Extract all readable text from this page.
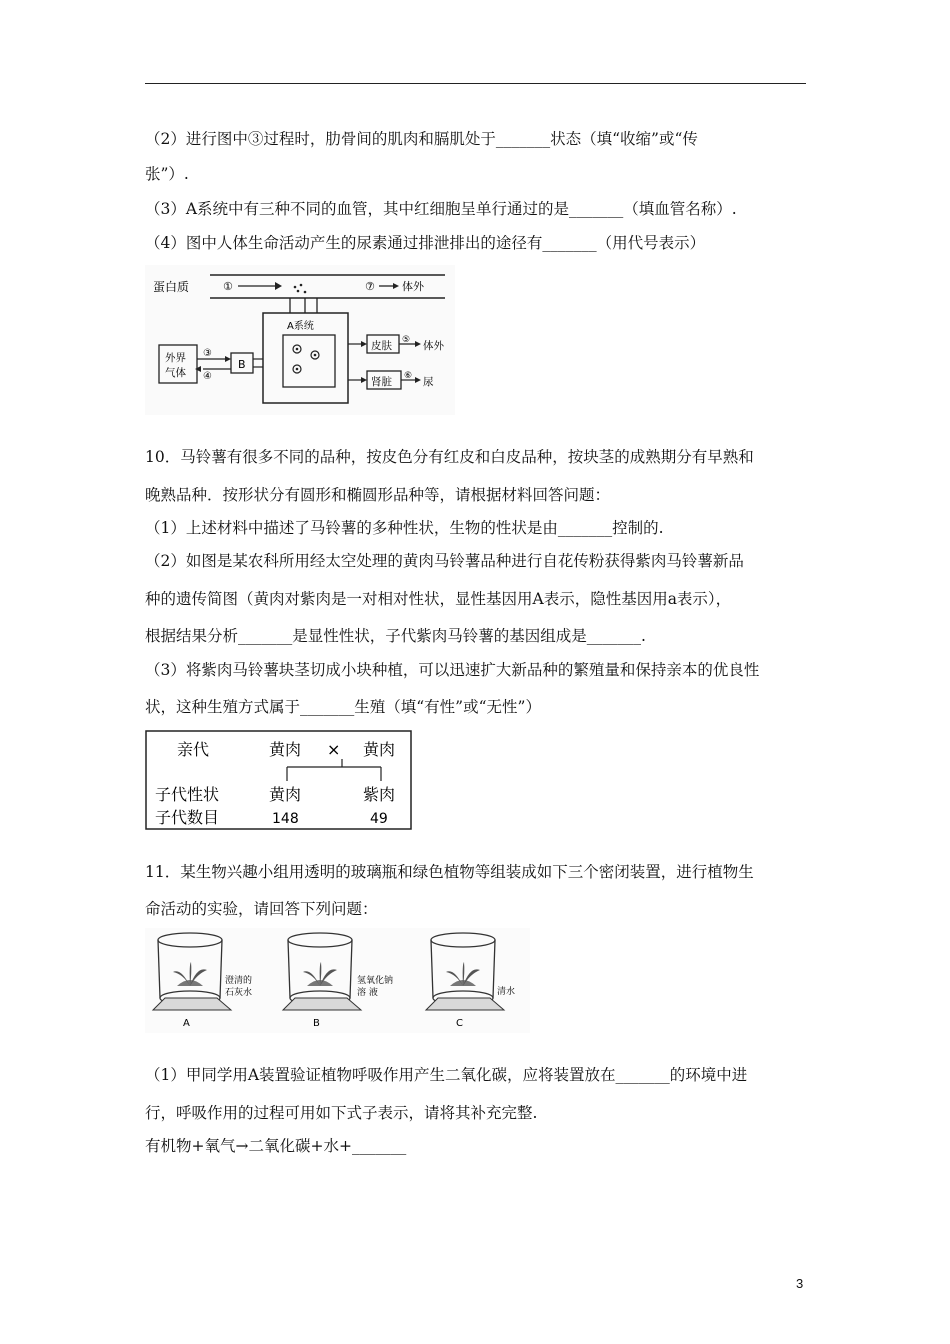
（2）进行图中③过程时，肋骨间的肌肉和膈肌处于_______状态（填“收缩”或“传
张”）.
（3）A系统中有三种不同的血管，其中红细胞呈单行通过的是_______（填血管名称）.
（4）图中人体生命活动产生的尿素通过排泄排出的途径有_______（用代号表示）
蛋白质	①	⑦ 体外
A系统
外界
气体
③
④
B
皮肤 ⑤ 体外
肾脏 ⑥ 尿
10．马铃薯有很多不同的品种，按皮色分有红皮和白皮品种，按块茎的成熟期分有早熟和
晚熟品种．按形状分有圆形和椭圆形品种等，请根据材料回答问题：
（1）上述材料中描述了马铃薯的多种性状，生物的性状是由_______控制的.
（2）如图是某农科所用经太空处理的黄肉马铃薯品种进行自花传粉获得紫肉马铃薯新品
种的遗传简图（黄肉对紫肉是一对相对性状，显性基因用A表示，隐性基因用a表示），
根据结果分析_______是显性性状，子代紫肉马铃薯的基因组成是_______.
（3）将紫肉马铃薯块茎切成小块种植，可以迅速扩大新品种的繁殖量和保持亲本的优良性
状，这种生殖方式属于_______生殖（填“有性”或“无性”）
亲代	黄肉 × 黄肉
子代性状	黄肉	紫肉
子代数目	148	49
11．某生物兴趣小组用透明的玻璃瓶和绿色植物等组装成如下三个密闭装置，进行植物生
命活动的实验，请回答下列问题：
澄清的
石灰水
A
氢氧化钠
溶 液
B
清水
C
（1）甲同学用A装置验证植物呼吸作用产生二氧化碳，应将装置放在_______的环境中进
行，呼吸作用的过程可用如下式子表示，请将其补充完整.
有机物+氧气→二氧化碳+水+_______
3
